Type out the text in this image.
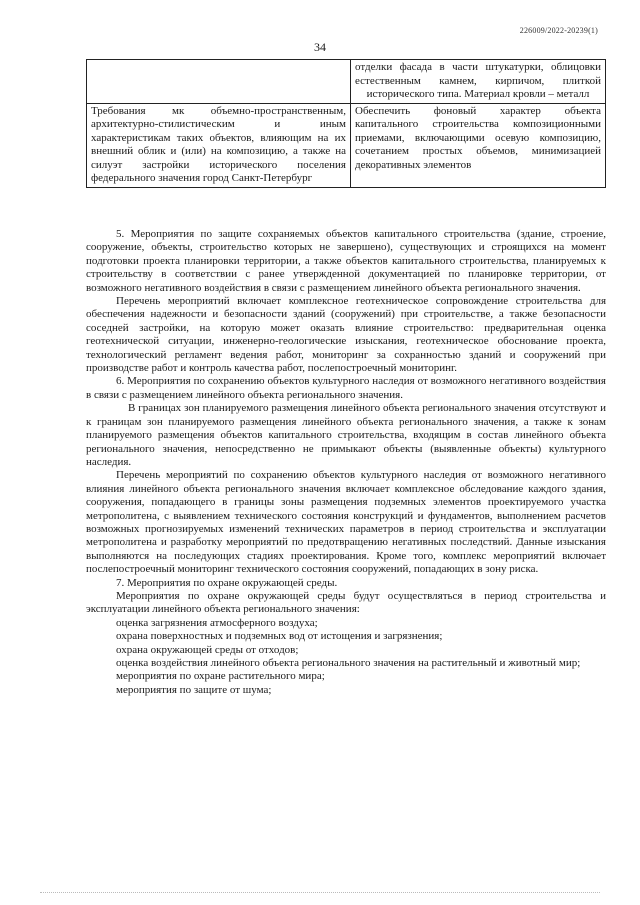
226009/2022-20239(1)
34
	отделки фасада в части штукатурки, облицовки естественным камнем, кирпичом, плиткой исторического типа. Материал кровли – металл
Требования мк объемно-пространственным, архитектурно-стилистическим и иным характеристикам таких объектов, влияющим на их внешний облик и (или) на композицию, а также на силуэт застройки исторического поселения федерального значения город Санкт-Петербург	Обеспечить фоновый характер объекта капитального строительства композиционными приемами, включающими осевую композицию, сочетанием простых объемов, минимизацией декоративных элементов

5. Мероприятия по защите сохраняемых объектов капитального строительства (здание, строение, сооружение, объекты, строительство которых не завершено), существующих и строящихся на момент подготовки проекта планировки территории, а также объектов капитального строительства, планируемых к строительству в соответствии с ранее утвержденной документацией по планировке территории, от возможного негативного воздействия в связи с размещением линейного объекта регионального значения.

Перечень мероприятий включает комплексное геотехническое сопровождение строительства для обеспечения надежности и безопасности зданий (сооружений) при строительстве, а также безопасности соседней застройки, на которую может оказать влияние строительство: предварительная оценка геотехнической ситуации, инженерно-геологические изыскания, геотехническое обоснование проекта, технологический регламент ведения работ, мониторинг за сохранностью зданий и сооружений при производстве работ и контроль качества работ, послепостроечный мониторинг.

6. Мероприятия по сохранению объектов культурного наследия от возможного негативного воздействия в связи с размещением линейного объекта регионального значения.

В границах зон планируемого размещения линейного объекта регионального значения отсутствуют и к границам зон планируемого размещения линейного объекта регионального значения, а также к зонам планируемого размещения объектов капитального строительства, входящим в состав линейного объекта регионального значения, непосредственно не примыкают объекты (выявленные объекты) культурного наследия.

Перечень мероприятий по сохранению объектов культурного наследия от возможного негативного влияния линейного объекта регионального значения включает комплексное обследование каждого здания, сооружения, попадающего в границы зоны размещения подземных элементов проектируемого участка метрополитена, с выявлением технического состояния конструкций и фундаментов, выполнением расчетов возможных прогнозируемых изменений технических параметров в период строительства и эксплуатации метрополитена и разработку мероприятий по предотвращению негативных последствий. Данные изыскания выполняются на последующих стадиях проектирования. Кроме того, комплекс мероприятий включает послепостроечный мониторинг технического состояния сооружений, попадающих в зону риска.

7. Мероприятия по охране окружающей среды.

Мероприятия по охране окружающей среды будут осуществляться в период строительства и эксплуатации линейного объекта регионального значения:

оценка загрязнения атмосферного воздуха;

охрана поверхностных и подземных вод от истощения и загрязнения;

охрана окружающей среды от отходов;

оценка воздействия линейного объекта регионального значения на растительный и животный мир;

мероприятия по охране растительного мира;

мероприятия по защите от шума;
